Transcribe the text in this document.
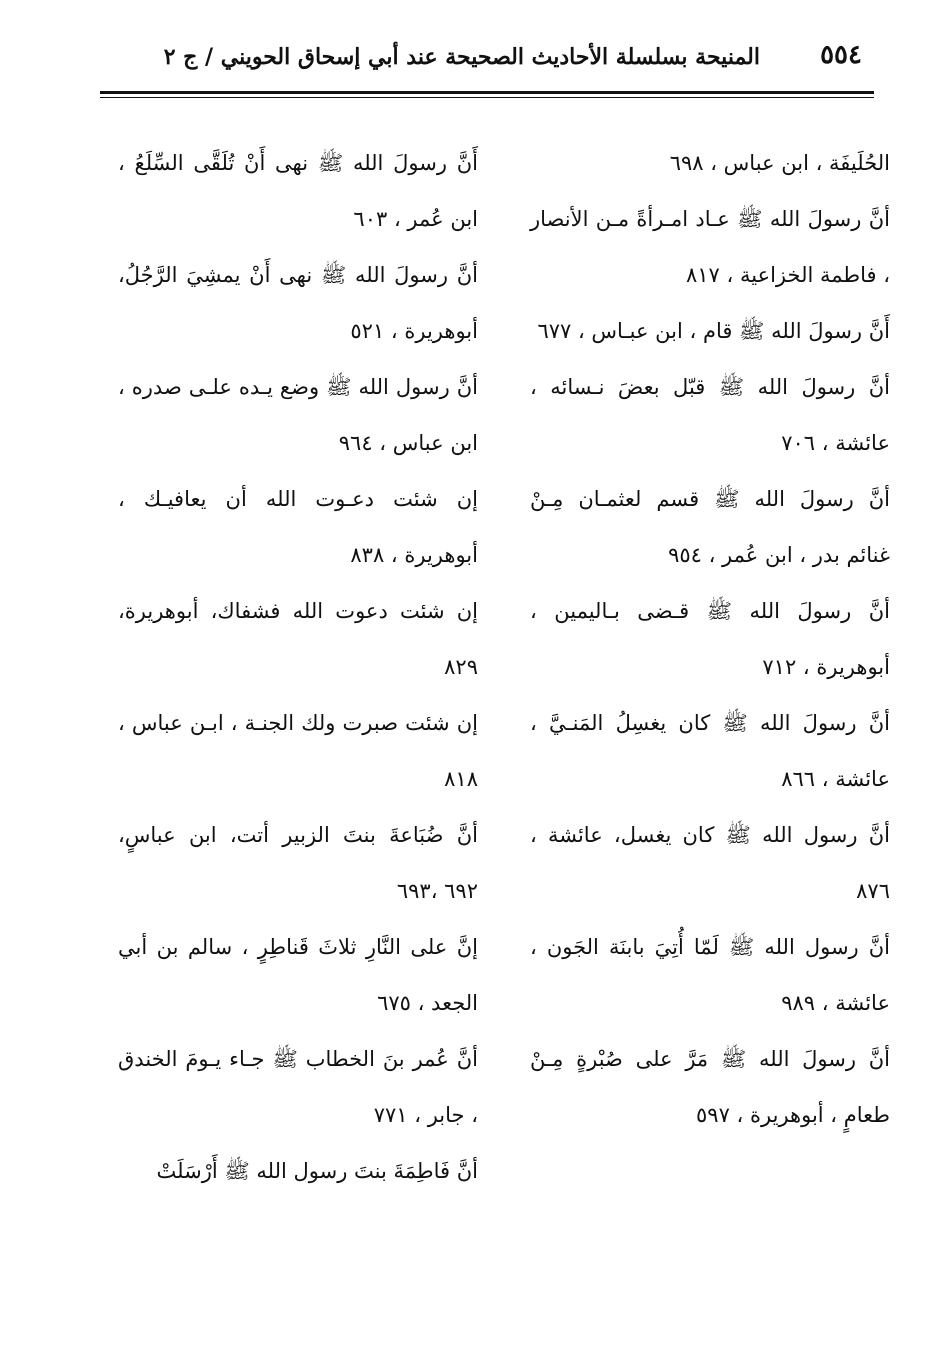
٥٥٤
المنيحة بسلسلة الأحاديث الصحيحة عند أبي إسحاق الحويني / ج ٢

الحُلَيفَة ، ابن عباس ، ٦٩٨

أنَّ رسولَ الله ﷺ عـاد امـرأةً مـن الأنصار ، فاطمة الخزاعية ، ٨١٧

أَنَّ رسولَ الله ﷺ قام ، ابن عبـاس ، ٦٧٧

أنَّ رسولَ الله ﷺ قبّل بعضَ نـسائه ، عائشة ، ٧٠٦

أنَّ رسولَ الله ﷺ قسم لعثمـان مِـنْ غنائم بدر ، ابن عُمر ، ٩٥٤

أنَّ رسولَ الله ﷺ قـضى بـاليمين ، أبوهريرة ، ٧١٢

أنَّ رسولَ الله ﷺ كان يغسِلُ المَنـيَّ ، عائشة ، ٨٦٦

أنَّ رسول الله ﷺ كان يغسل، عائشة ، ٨٧٦

أنَّ رسول الله ﷺ لَمّا أُتِيَ بابنَة الجَون ، عائشة ، ٩٨٩

أنَّ رسولَ الله ﷺ مَرَّ على صُبْرةٍ مِـنْ طعامٍ ، أبوهريرة ، ٥٩٧

أَنَّ رسولَ الله ﷺ نهى أَنْ تُلَقَّى السِّلَعُ ، ابن عُمر ، ٦٠٣

أنَّ رسولَ الله ﷺ نهى أَنْ يمشِيَ الرَّجُلُ، أبوهريرة ، ٥٢١

أنَّ رسول الله ﷺ وضع يـده علـى صدره ، ابن عباس ، ٩٦٤

إن شئت دعـوت الله أن يعافيـك ، أبوهريرة ، ٨٣٨

إن شئت دعوت الله فشفاك، أبوهريرة، ٨٢٩

إن شئت صبرت ولك الجنـة ، ابـن عباس ، ٨١٨

أنَّ ضُبَاعةَ بنتَ الزبير أتت، ابن عباسٍ، ٦٩٢ ،٦٩٣

إنَّ على النَّارِ ثلاثَ قَناطِرٍ ، سالم بن أبي الجعد ، ٦٧٥

أنَّ عُمر بنَ الخطاب ﷺ جـاء يـومَ الخندق ، جابر ، ٧٧١

أنَّ فَاطِمَةَ بنتَ رسول الله ﷺ أَرْسَلَتْ
